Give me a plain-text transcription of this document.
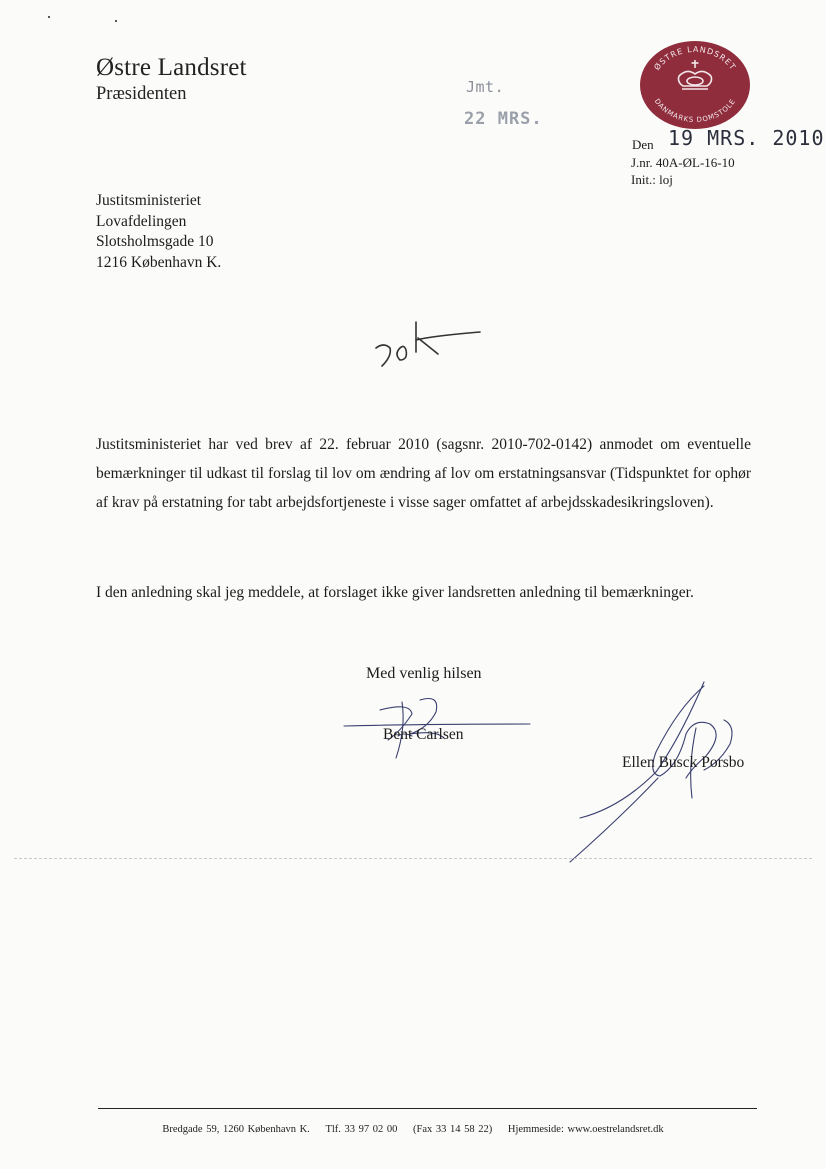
Østre Landsret
Præsidenten	Jmt.
22 MRS.
ØSTRE LANDSRET
DANMARKS DOMSTOLE
Den 19 MRS. 2010
J.nr. 40A-ØL-16-10
Init.: loj
Justitsministeriet
Lovafdelingen
Slotsholmsgade 10
1216 København K.
Justitsministeriet har ved brev af 22. februar 2010 (sagsnr. 2010-702-0142) anmodet om eventuelle bemærkninger til udkast til forslag til lov om ændring af lov om erstatningsansvar (Tidspunktet for ophør af krav på erstatning for tabt arbejdsfortjeneste i visse sager omfattet af arbejdsskadesikringsloven).
I den anledning skal jeg meddele, at forslaget ikke giver landsretten anledning til bemærkninger.
Med venlig hilsen
Bent Carlsen
Ellen Busck Porsbo
Bredgade 59, 1260 København K. Tlf. 33 97 02 00 (Fax 33 14 58 22) Hjemmeside: www.oestrelandsret.dk
